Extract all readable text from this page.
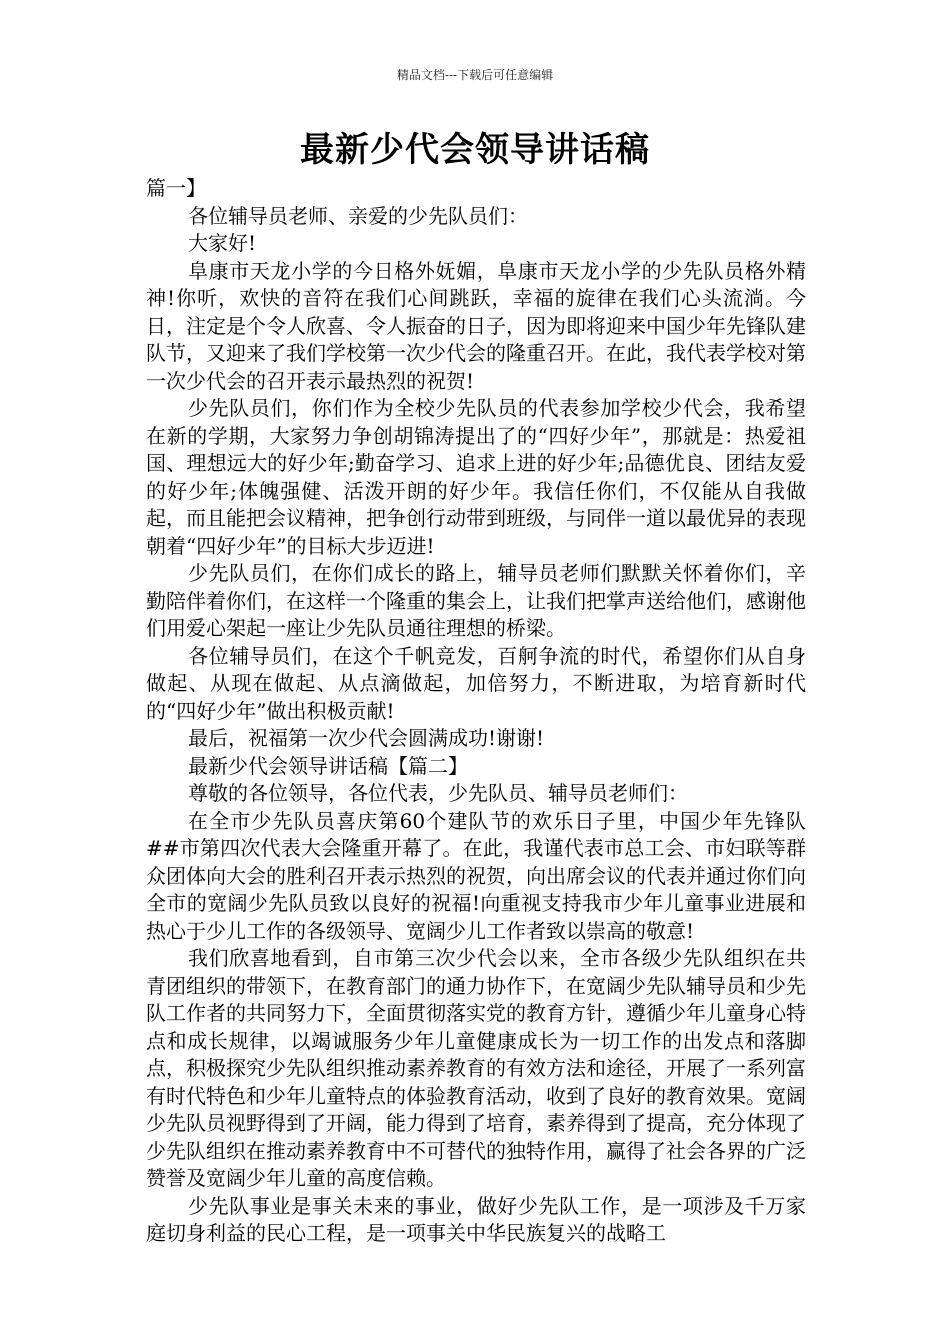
精品文档---下载后可任意编辑
最新少代会领导讲话稿

篇一】

各位辅导员老师、亲爱的少先队员们：

大家好!

阜康市天龙小学的今日格外妩媚，阜康市天龙小学的少先队员格外精神!你听，欢快的音符在我们心间跳跃，幸福的旋律在我们心头流淌。今日，注定是个令人欣喜、令人振奋的日子，因为即将迎来中国少年先锋队建队节，又迎来了我们学校第一次少代会的隆重召开。在此，我代表学校对第一次少代会的召开表示最热烈的祝贺!

少先队员们，你们作为全校少先队员的代表参加学校少代会，我希望在新的学期，大家努力争创胡锦涛提出了的“四好少年”，那就是：热爱祖国、理想远大的好少年;勤奋学习、追求上进的好少年;品德优良、团结友爱的好少年;体魄强健、活泼开朗的好少年。我信任你们，不仅能从自我做起，而且能把会议精神，把争创行动带到班级，与同伴一道以最优异的表现朝着“四好少年”的目标大步迈进!

少先队员们，在你们成长的路上，辅导员老师们默默关怀着你们，辛勤陪伴着你们，在这样一个隆重的集会上，让我们把掌声送给他们，感谢他们用爱心架起一座让少先队员通往理想的桥梁。

各位辅导员们，在这个千帆竞发，百舸争流的时代，希望你们从自身做起、从现在做起、从点滴做起，加倍努力，不断进取，为培育新时代的“四好少年”做出积极贡献!

最后，祝福第一次少代会圆满成功!谢谢!

最新少代会领导讲话稿【篇二】

尊敬的各位领导，各位代表，少先队员、辅导员老师们：

在全市少先队员喜庆第60个建队节的欢乐日子里，中国少年先锋队##市第四次代表大会隆重开幕了。在此，我谨代表市总工会、市妇联等群众团体向大会的胜利召开表示热烈的祝贺，向出席会议的代表并通过你们向全市的宽阔少先队员致以良好的祝福!向重视支持我市少年儿童事业进展和热心于少儿工作的各级领导、宽阔少儿工作者致以崇高的敬意!

我们欣喜地看到，自市第三次少代会以来，全市各级少先队组织在共青团组织的带领下，在教育部门的通力协作下，在宽阔少先队辅导员和少先队工作者的共同努力下，全面贯彻落实党的教育方针，遵循少年儿童身心特点和成长规律，以竭诚服务少年儿童健康成长为一切工作的出发点和落脚点，积极探究少先队组织推动素养教育的有效方法和途径，开展了一系列富有时代特色和少年儿童特点的体验教育活动，收到了良好的教育效果。宽阔少先队员视野得到了开阔，能力得到了培育，素养得到了提高，充分体现了少先队组织在推动素养教育中不可替代的独特作用，赢得了社会各界的广泛赞誉及宽阔少年儿童的高度信赖。

少先队事业是事关未来的事业，做好少先队工作，是一项涉及千万家庭切身利益的民心工程，是一项事关中华民族复兴的战略工
